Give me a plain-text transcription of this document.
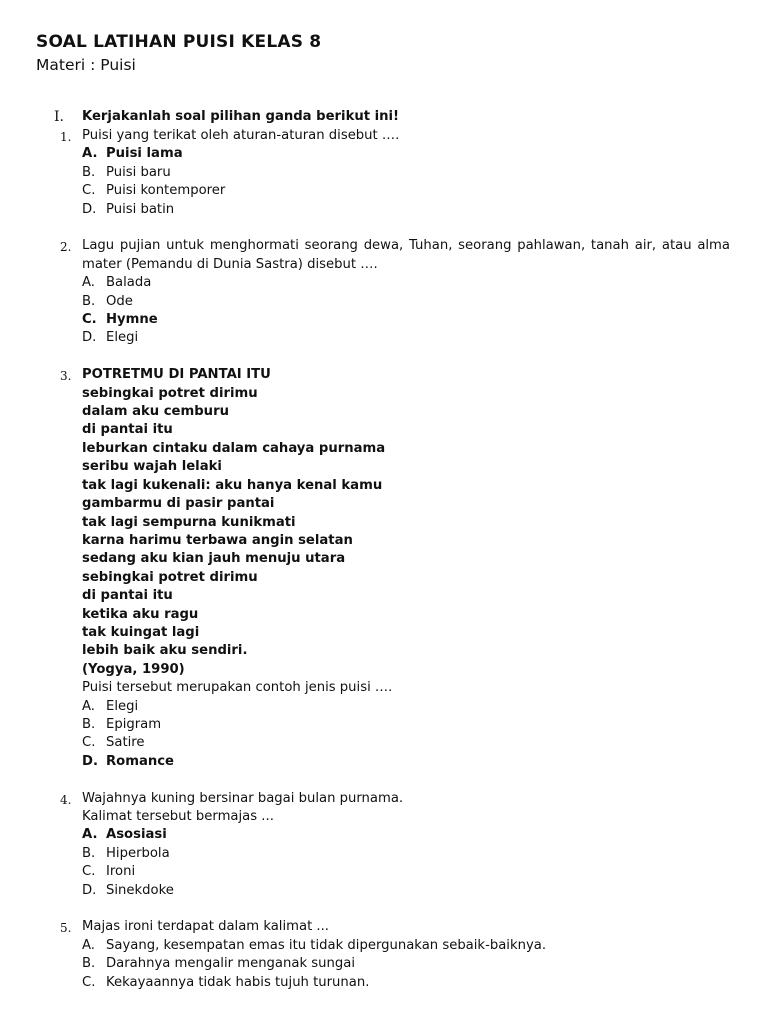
SOAL LATIHAN PUISI KELAS 8

Materi : Puisi

I. Kerjakanlah soal pilihan ganda berikut ini!
1. Puisi yang terikat oleh aturan-aturan disebut ….
A. Puisi lama
B. Puisi baru
C. Puisi kontemporer
D. Puisi batin
2. Lagu pujian untuk menghormati seorang dewa, Tuhan, seorang pahlawan, tanah air, atau alma mater (Pemandu di Dunia Sastra) disebut ….
A. Balada
B. Ode
C. Hymne
D. Elegi
3. POTRETMU DI PANTAI ITU
sebingkai potret dirimu
dalam aku cemburu
di pantai itu
leburkan cintaku dalam cahaya purnama
seribu wajah lelaki
tak lagi kukenali: aku hanya kenal kamu
gambarmu di pasir pantai
tak lagi sempurna kunikmati
karna harimu terbawa angin selatan
sedang aku kian jauh menuju utara
sebingkai potret dirimu
di pantai itu
ketika aku ragu
tak kuingat lagi
lebih baik aku sendiri.
(Yogya, 1990)
Puisi tersebut merupakan contoh jenis puisi ….
A. Elegi
B. Epigram
C. Satire
D. Romance
4. Wajahnya kuning bersinar bagai bulan purnama.
Kalimat tersebut bermajas ...
A. Asosiasi
B. Hiperbola
C. Ironi
D. Sinekdoke
5. Majas ironi terdapat dalam kalimat ...
A. Sayang, kesempatan emas itu tidak dipergunakan sebaik-baiknya.
B. Darahnya mengalir menganak sungai
C. Kekayaannya tidak habis tujuh turunan.
